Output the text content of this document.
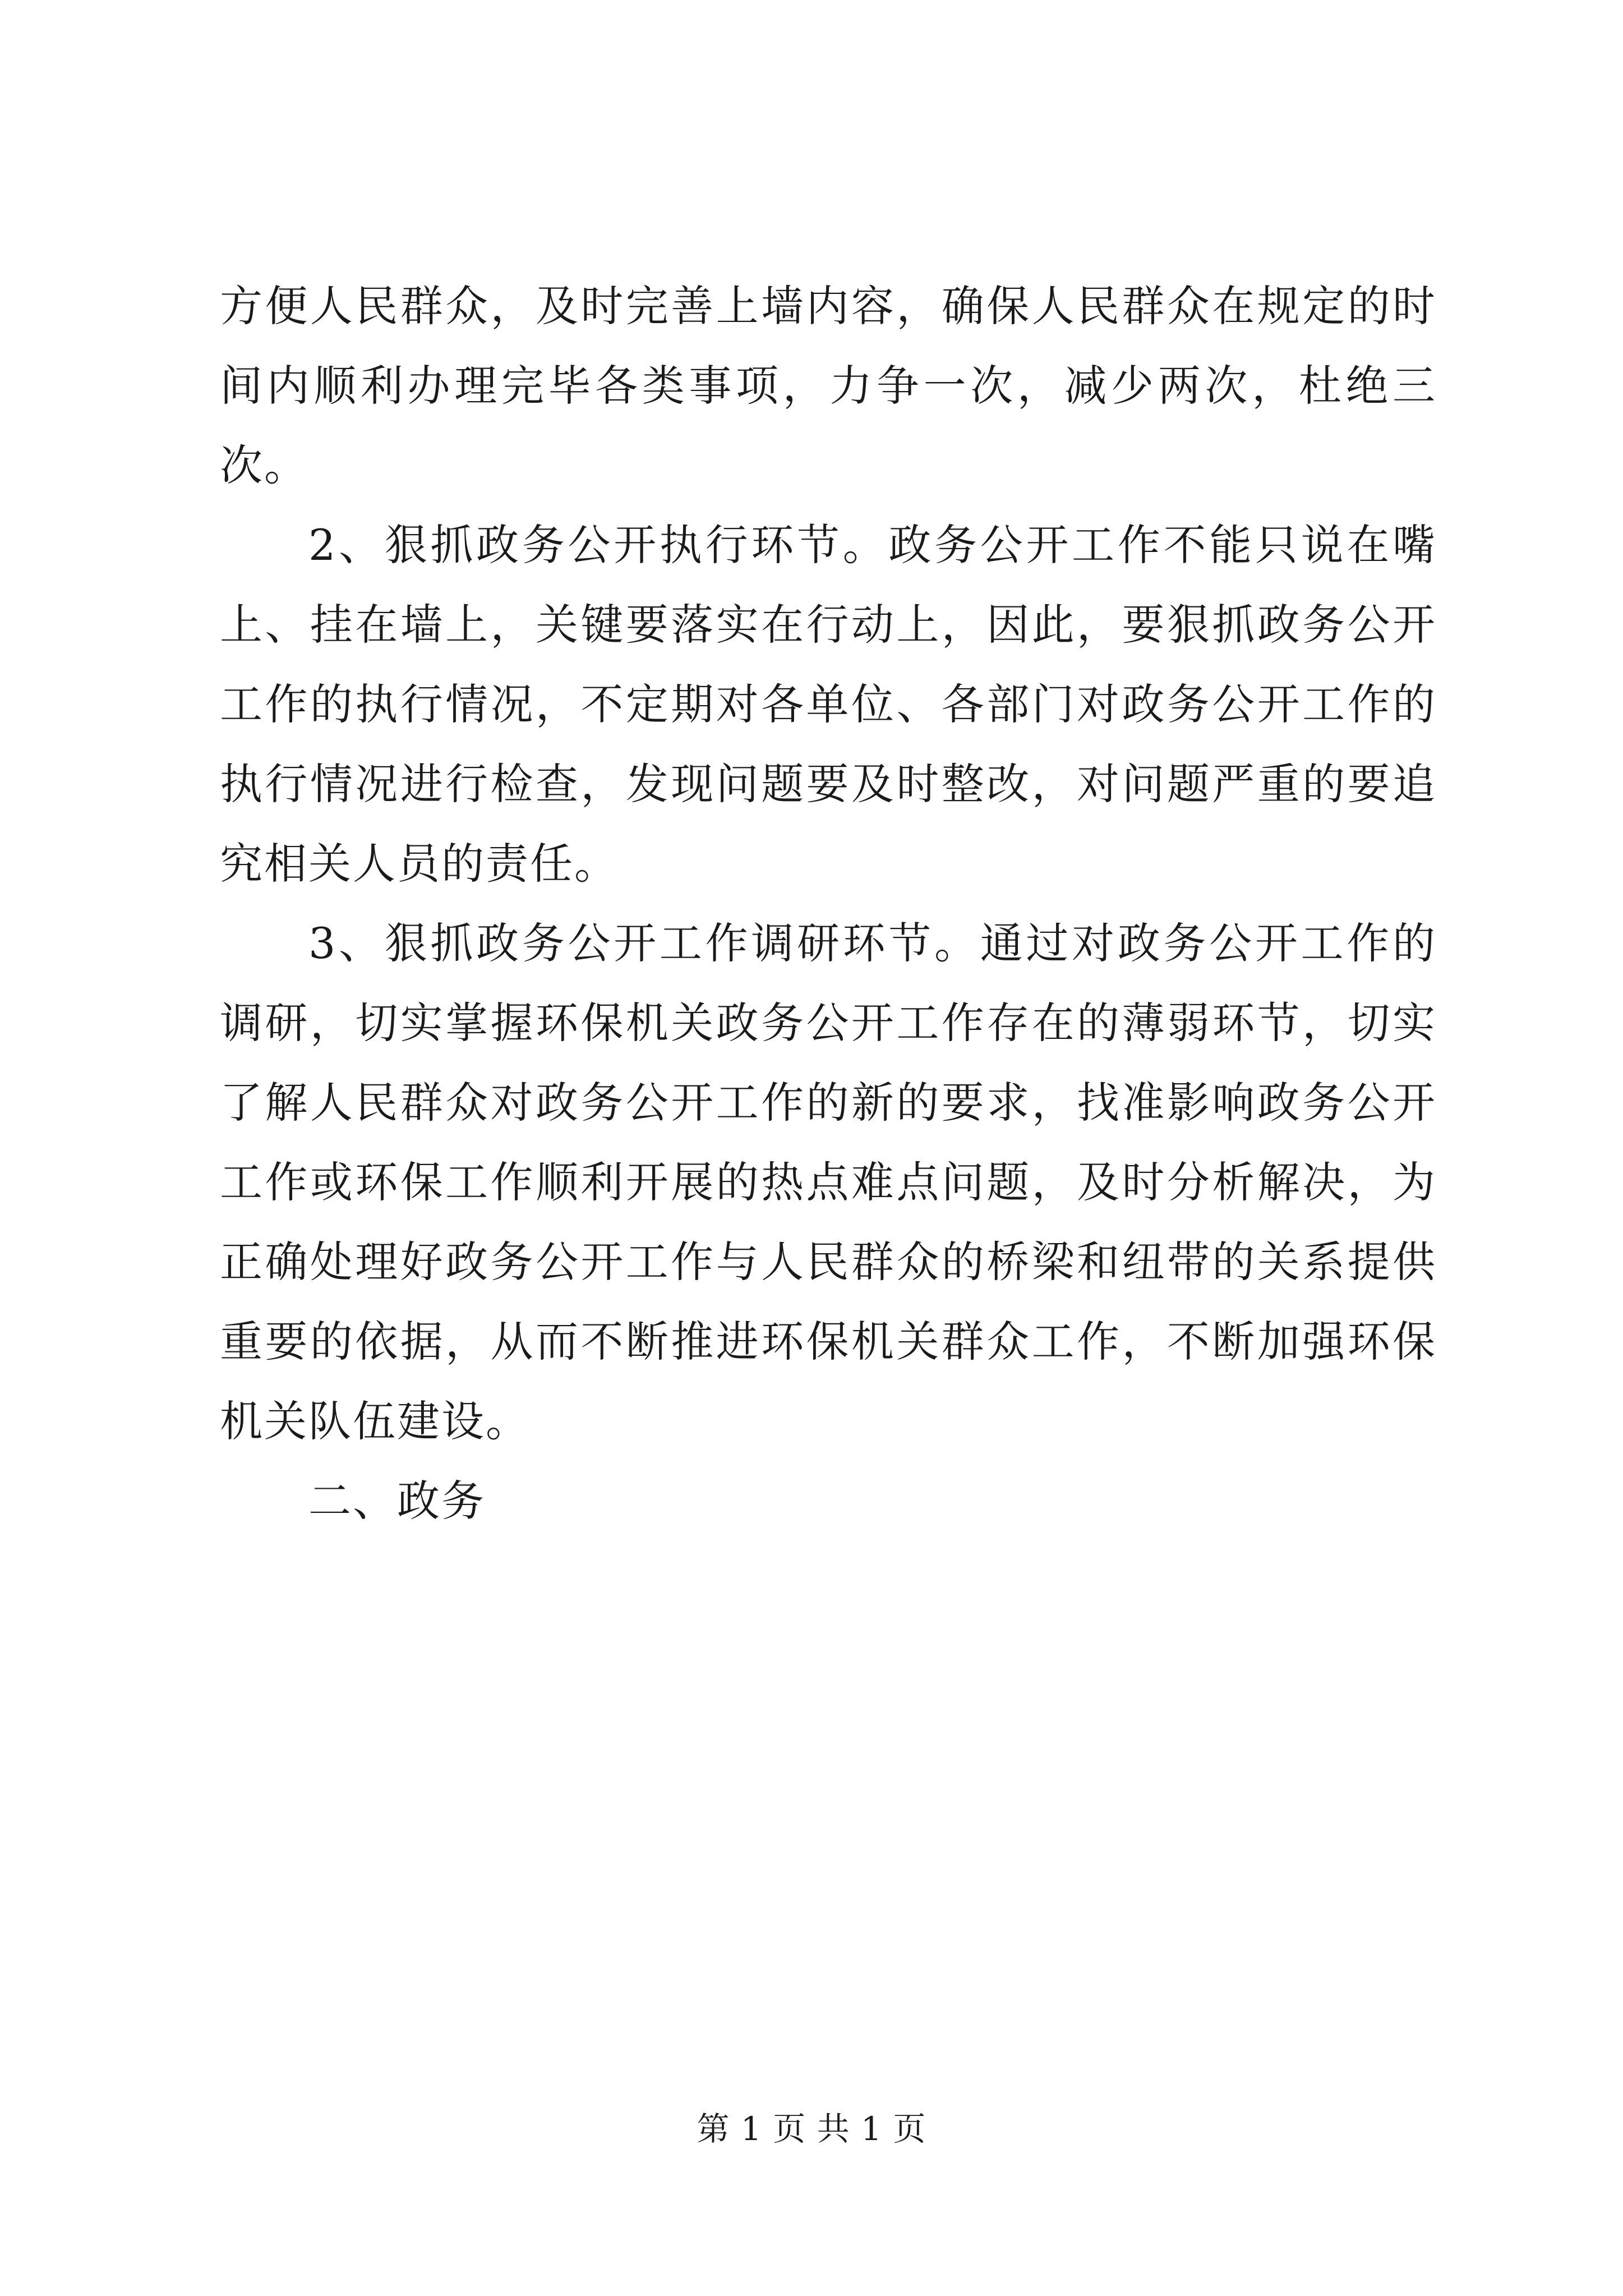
方便人民群众，及时完善上墙内容，确保人民群众在规定的时间内顺利办理完毕各类事项，力争一次，减少两次，杜绝三次。

2、狠抓政务公开执行环节。政务公开工作不能只说在嘴上、挂在墙上，关键要落实在行动上，因此，要狠抓政务公开工作的执行情况，不定期对各单位、各部门对政务公开工作的执行情况进行检查，发现问题要及时整改，对问题严重的要追究相关人员的责任。

3、狠抓政务公开工作调研环节。通过对政务公开工作的调研，切实掌握环保机关政务公开工作存在的薄弱环节，切实了解人民群众对政务公开工作的新的要求，找准影响政务公开工作或环保工作顺利开展的热点难点问题，及时分析解决，为正确处理好政务公开工作与人民群众的桥梁和纽带的关系提供重要的依据，从而不断推进环保机关群众工作，不断加强环保机关队伍建设。

二、政务

第 1 页 共 1 页
